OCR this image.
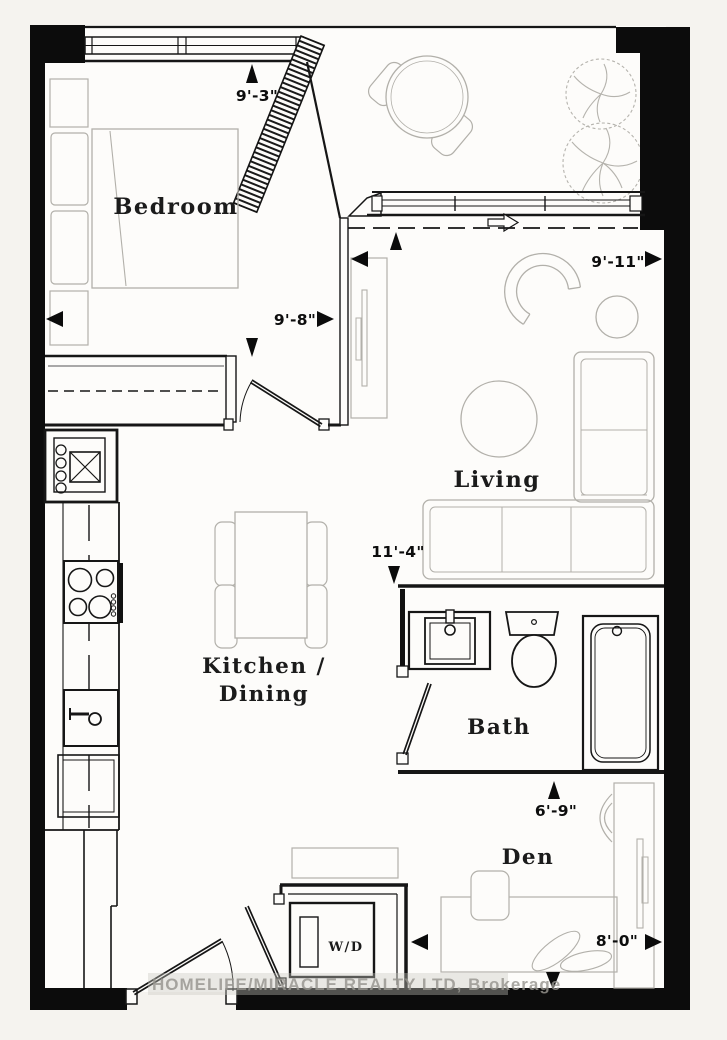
W/D
9'-3"
9'-8"
9'-11"
11'-4"
6'-9"
8'-0"
Bedroom
Living
Kitchen /
Dining
Bath
Den
HOMELIFE/MIRACLE REALTY LTD, Brokerage
